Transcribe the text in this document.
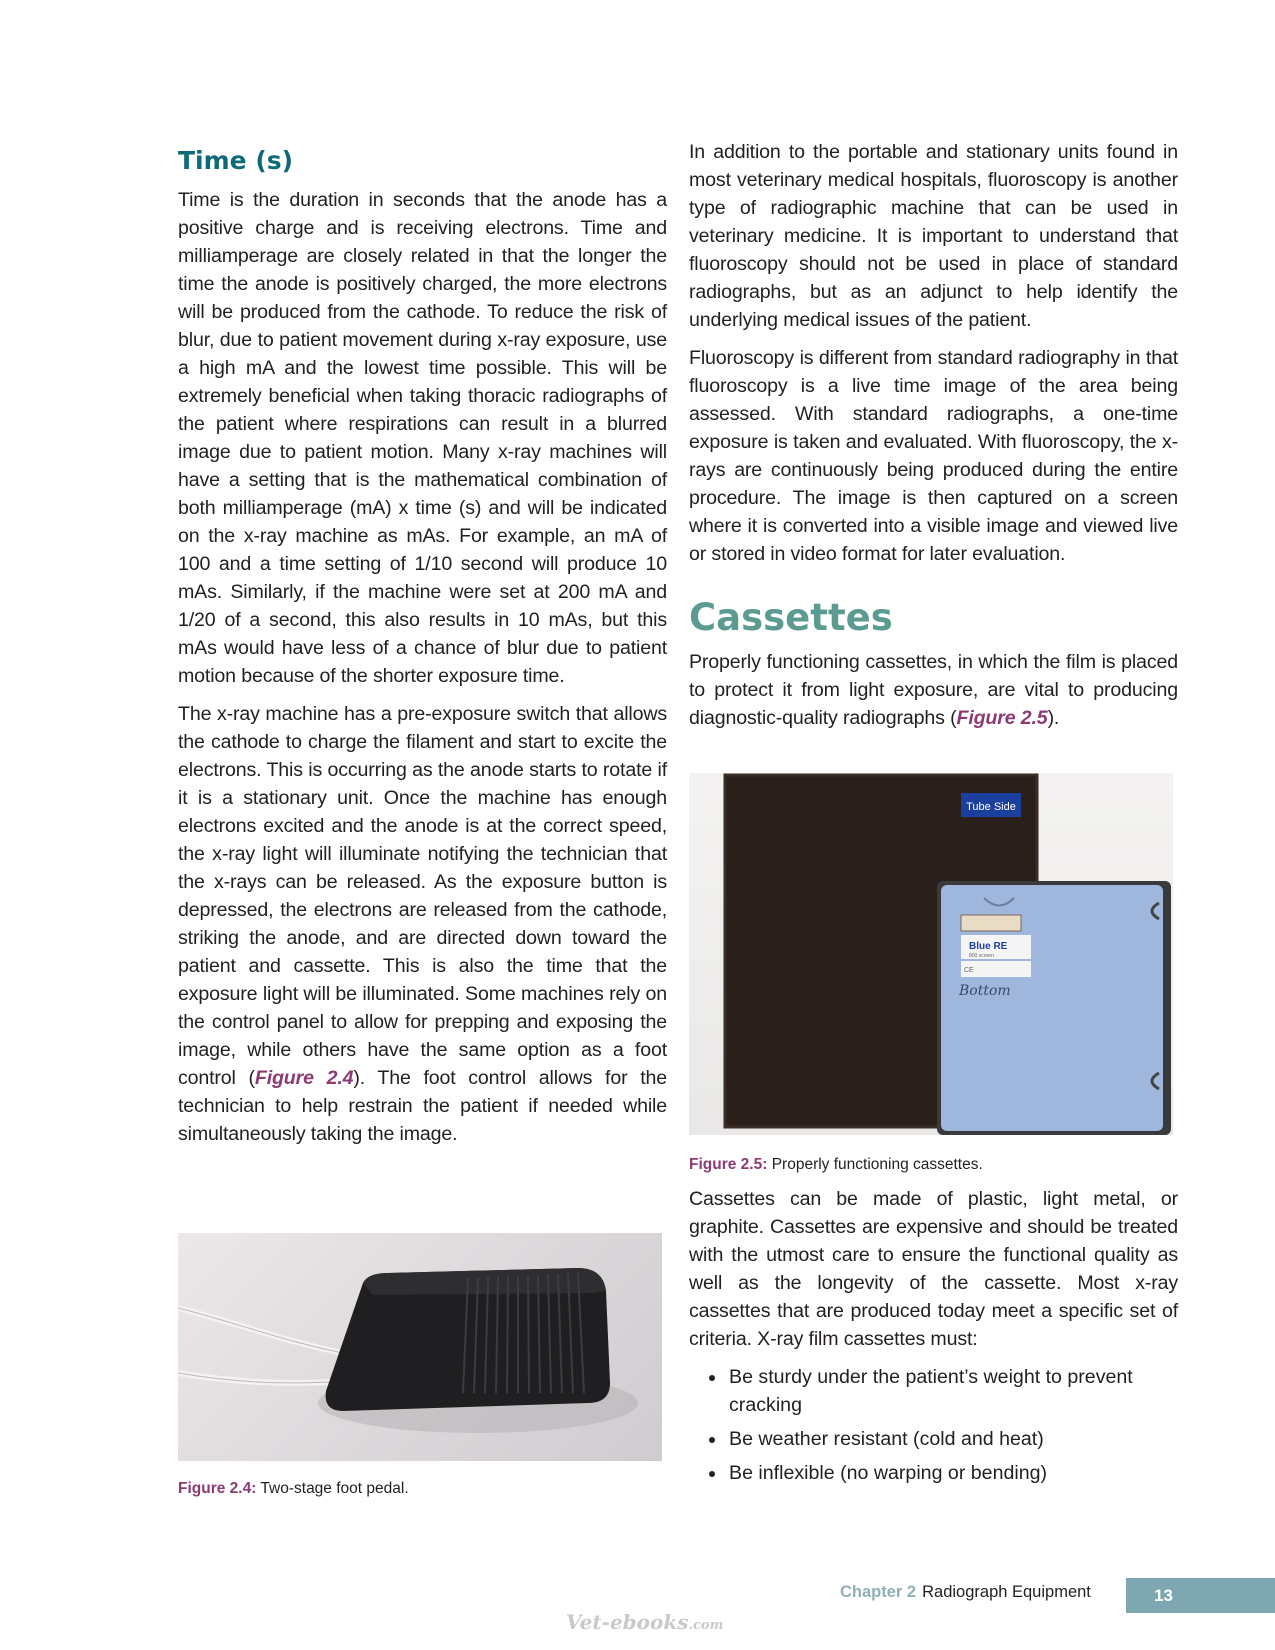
Time (s)

Time is the duration in seconds that the anode has a positive charge and is receiving electrons. Time and milliamperage are closely related in that the longer the time the anode is positively charged, the more electrons will be produced from the cathode. To reduce the risk of blur, due to patient movement during x-ray exposure, use a high mA and the lowest time possible. This will be extremely beneficial when taking thoracic radiographs of the patient where respirations can result in a blurred image due to patient motion. Many x-ray machines will have a setting that is the mathematical combination of both milliamperage (mA) x time (s) and will be indicated on the x-ray machine as mAs. For example, an mA of 100 and a time setting of 1/10 second will produce 10 mAs. Similarly, if the machine were set at 200 mA and 1/20 of a second, this also results in 10 mAs, but this mAs would have less of a chance of blur due to patient motion because of the shorter exposure time.

The x-ray machine has a pre-exposure switch that allows the cathode to charge the filament and start to excite the electrons. This is occurring as the anode starts to rotate if it is a stationary unit. Once the machine has enough electrons excited and the anode is at the correct speed, the x-ray light will illuminate notifying the technician that the x-rays can be released. As the exposure button is depressed, the electrons are released from the cathode, striking the anode, and are directed down toward the patient and cassette. This is also the time that the exposure light will be illuminated. Some machines rely on the control panel to allow for prepping and exposing the image, while others have the same option as a foot control (Figure 2.4). The foot control allows for the technician to help restrain the patient if needed while simultaneously taking the image.

Figure 2.4: Two-stage foot pedal.

In addition to the portable and stationary units found in most veterinary medical hospitals, fluoroscopy is another type of radiographic machine that can be used in veterinary medicine. It is important to understand that fluoroscopy should not be used in place of standard radiographs, but as an adjunct to help identify the underlying medical issues of the patient.

Fluoroscopy is different from standard radiography in that fluoroscopy is a live time image of the area being assessed. With standard radiographs, a one-time exposure is taken and evaluated. With fluoroscopy, the x-rays are continuously being produced during the entire procedure. The image is then captured on a screen where it is converted into a visible image and viewed live or stored in video format for later evaluation.

Cassettes

Properly functioning cassettes, in which the film is placed to protect it from light exposure, are vital to producing diagnostic-quality radiographs (Figure 2.5).

Tube Side
Blue RE
800 screen
CE
Bottom
Figure 2.5: Properly functioning cassettes.

Cassettes can be made of plastic, light metal, or graphite. Cassettes are expensive and should be treated with the utmost care to ensure the functional quality as well as the longevity of the cassette. Most x-ray cassettes that are produced today meet a specific set of criteria. X-ray film cassettes must:

• Be sturdy under the patient’s weight to prevent cracking
• Be weather resistant (cold and heat)
• Be inflexible (no warping or bending)
Chapter 2 Radiograph Equipment	13
Vet-ebooks.com
